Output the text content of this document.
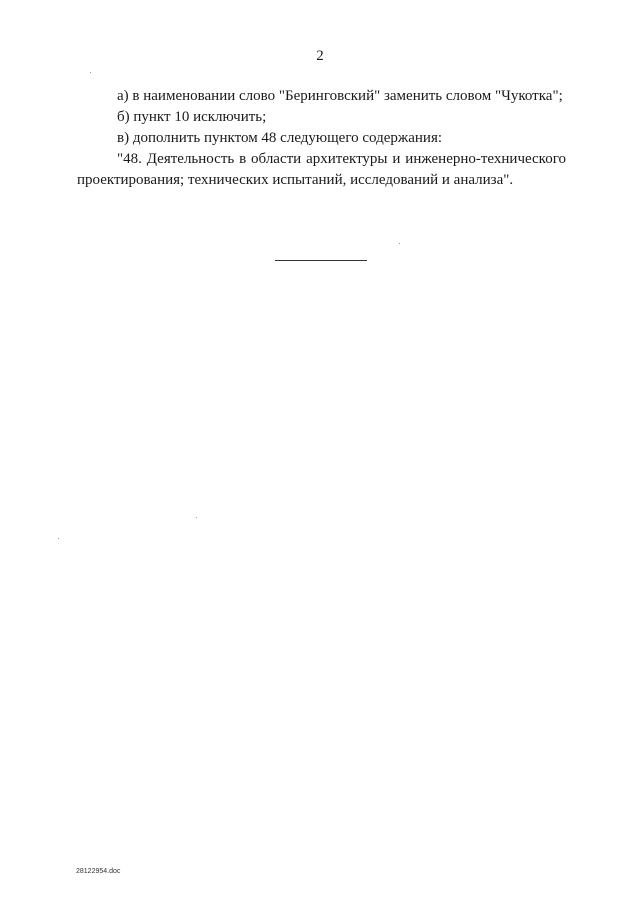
2

а) в наименовании слово "Беринговский" заменить словом "Чукотка";

б) пункт 10 исключить;

в) дополнить пунктом 48 следующего содержания:

"48. Деятельность в области архитектуры и инженерно-технического проектирования; технических испытаний, исследований и анализа".

28122954.doc
